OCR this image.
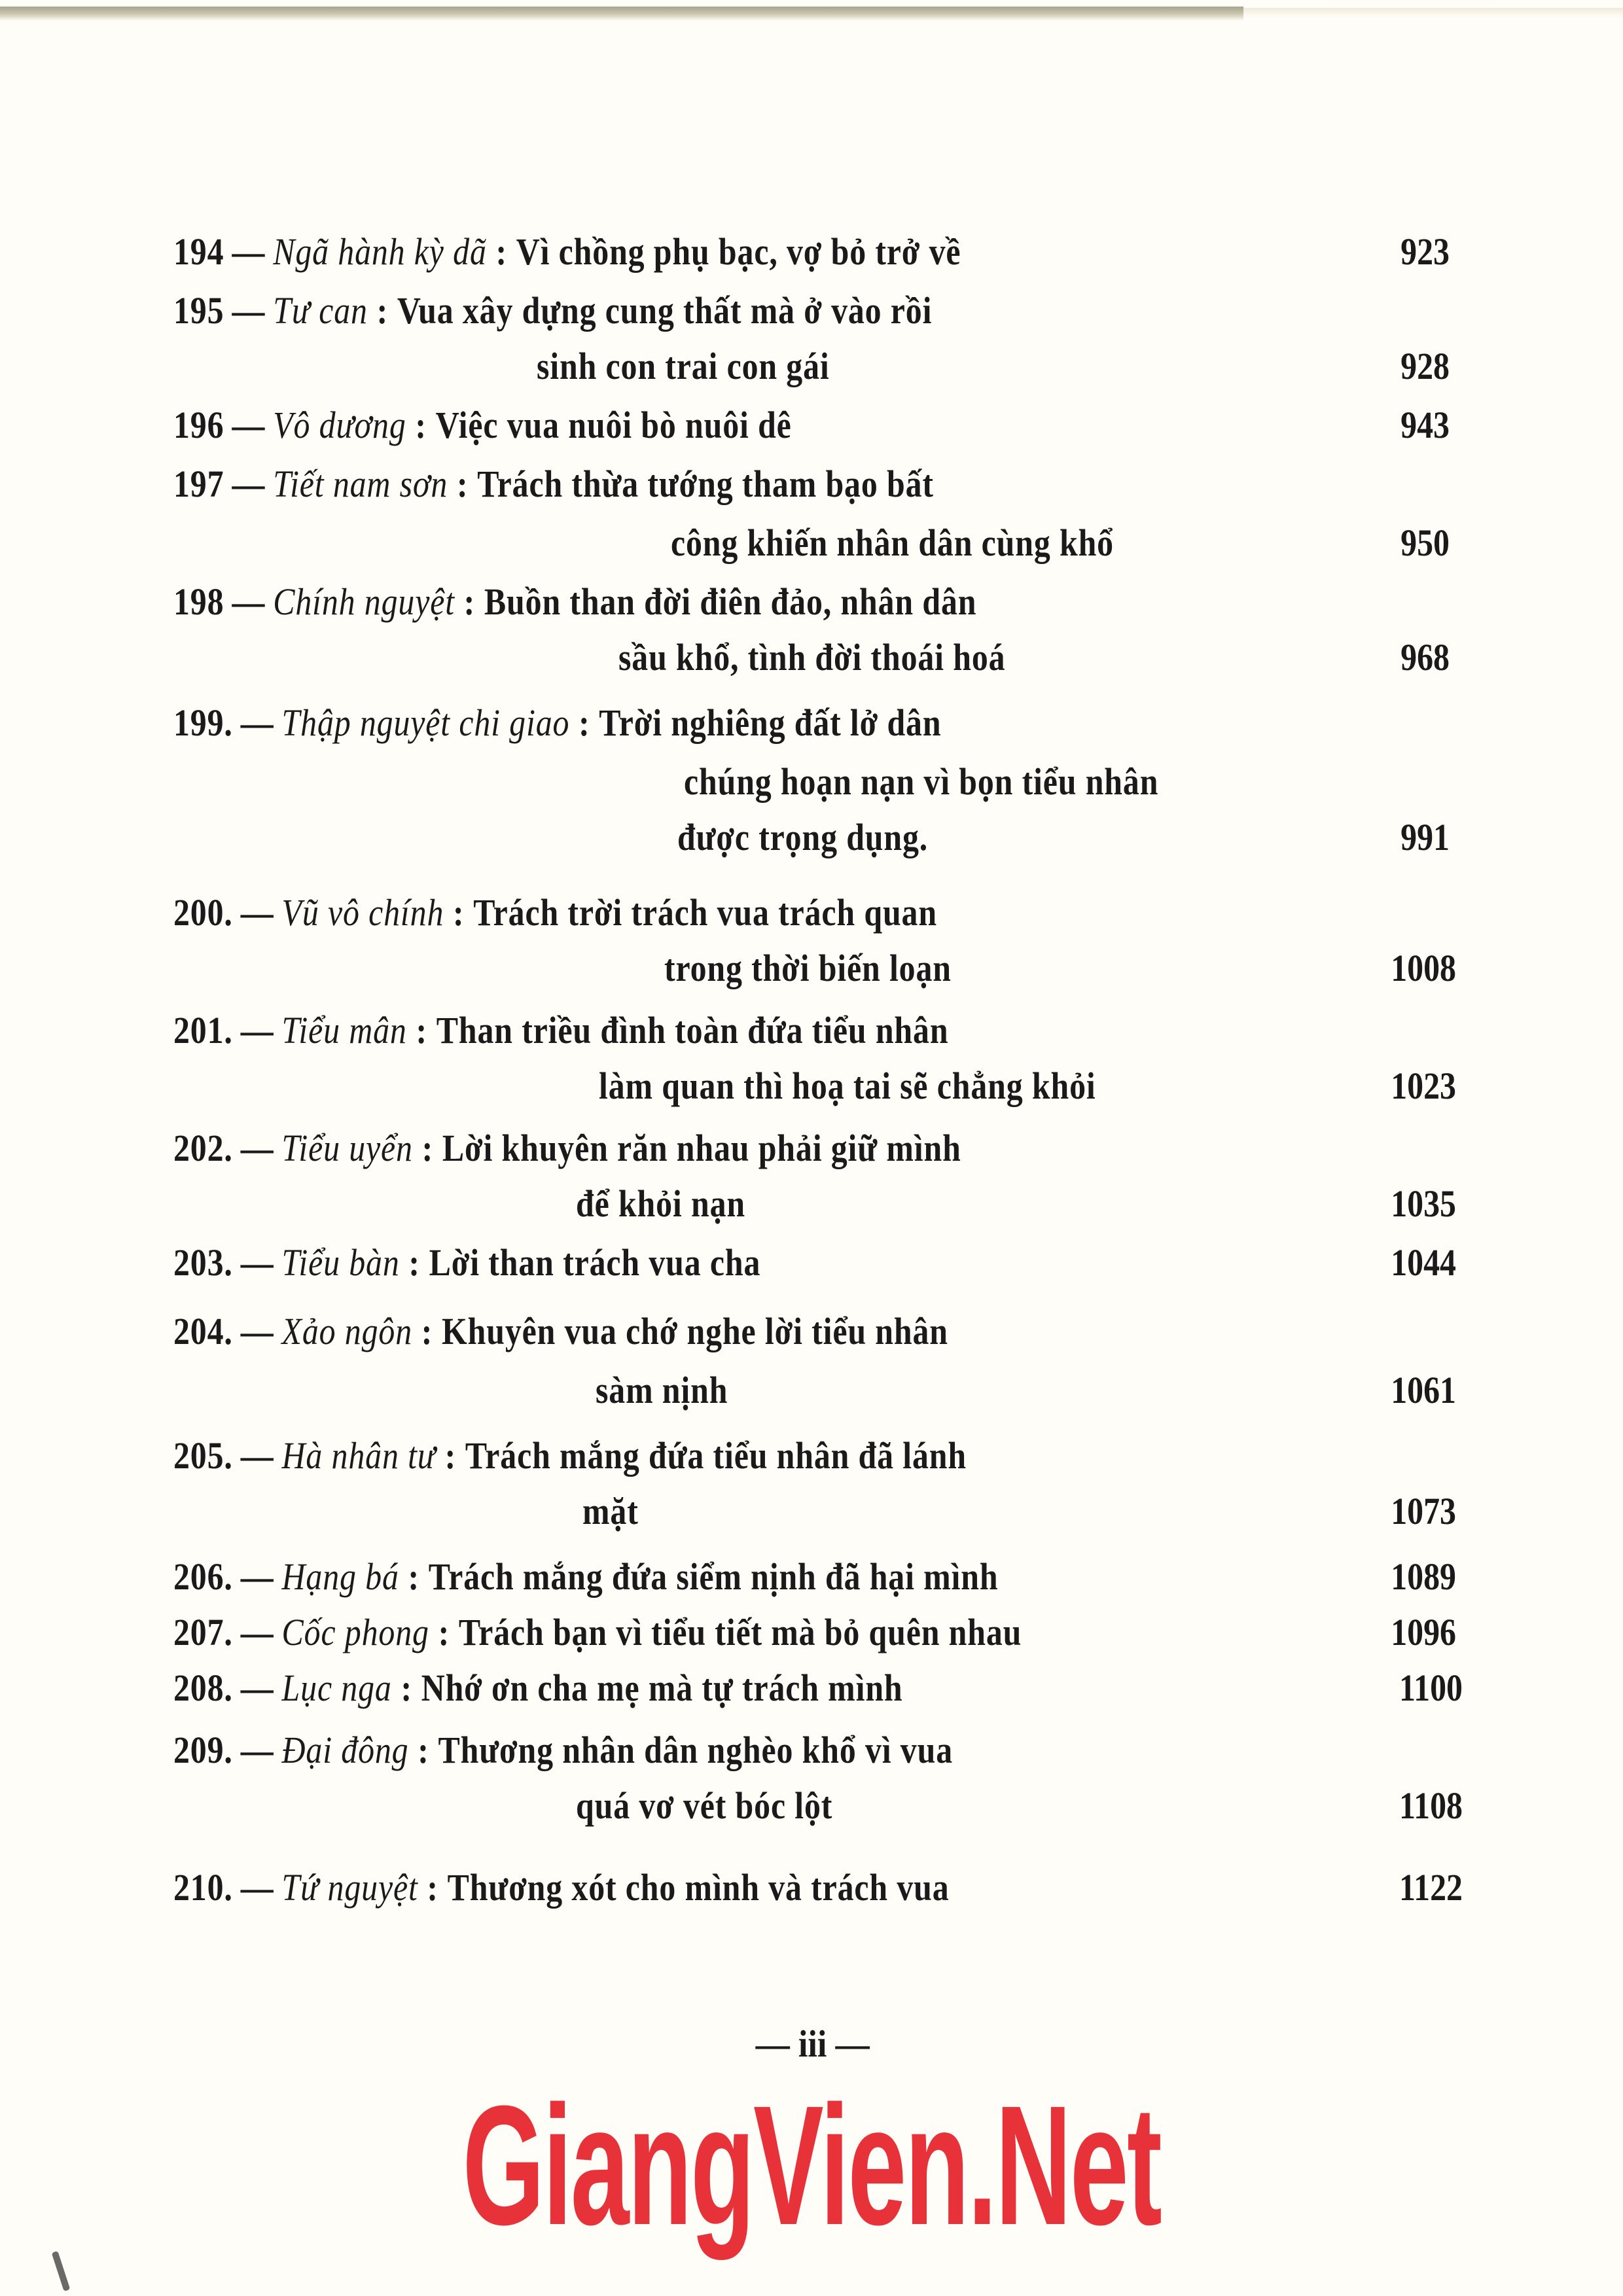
194 — Ngã hành kỳ dã : Vì chồng phụ bạc, vợ bỏ trở về	923
195 — Tư can : Vua xây dựng cung thất mà ở vào rồi
sinh con trai con gái	928
196 — Vô dương : Việc vua nuôi bò nuôi dê	943
197 — Tiết nam sơn : Trách thừa tướng tham bạo bất
công khiến nhân dân cùng khổ	950
198 — Chính nguyệt : Buồn than đời điên đảo, nhân dân
sầu khổ, tình đời thoái hoá	968
199. — Thập nguyệt chi giao : Trời nghiêng đất lở dân
chúng hoạn nạn vì bọn tiểu nhân
được trọng dụng.	991
200. — Vũ vô chính : Trách trời trách vua trách quan
trong thời biến loạn	1008
201. — Tiểu mân : Than triều đình toàn đứa tiểu nhân
làm quan thì hoạ tai sẽ chẳng khỏi	1023
202. — Tiểu uyển : Lời khuyên răn nhau phải giữ mình
để khỏi nạn	1035
203. — Tiểu bàn : Lời than trách vua cha	1044
204. — Xảo ngôn : Khuyên vua chớ nghe lời tiểu nhân
sàm nịnh	1061
205. — Hà nhân tư : Trách mắng đứa tiểu nhân đã lánh
mặt	1073
206. — Hạng bá : Trách mắng đứa siểm nịnh đã hại mình	1089
207. — Cốc phong : Trách bạn vì tiểu tiết mà bỏ quên nhau	1096
208. — Lục nga : Nhớ ơn cha mẹ mà tự trách mình	1100
209. — Đại đông : Thương nhân dân nghèo khổ vì vua
quá vơ vét bóc lột	1108
210. — Tứ nguyệt : Thương xót cho mình và trách vua	1122
— iii —
GiangVien.Net
